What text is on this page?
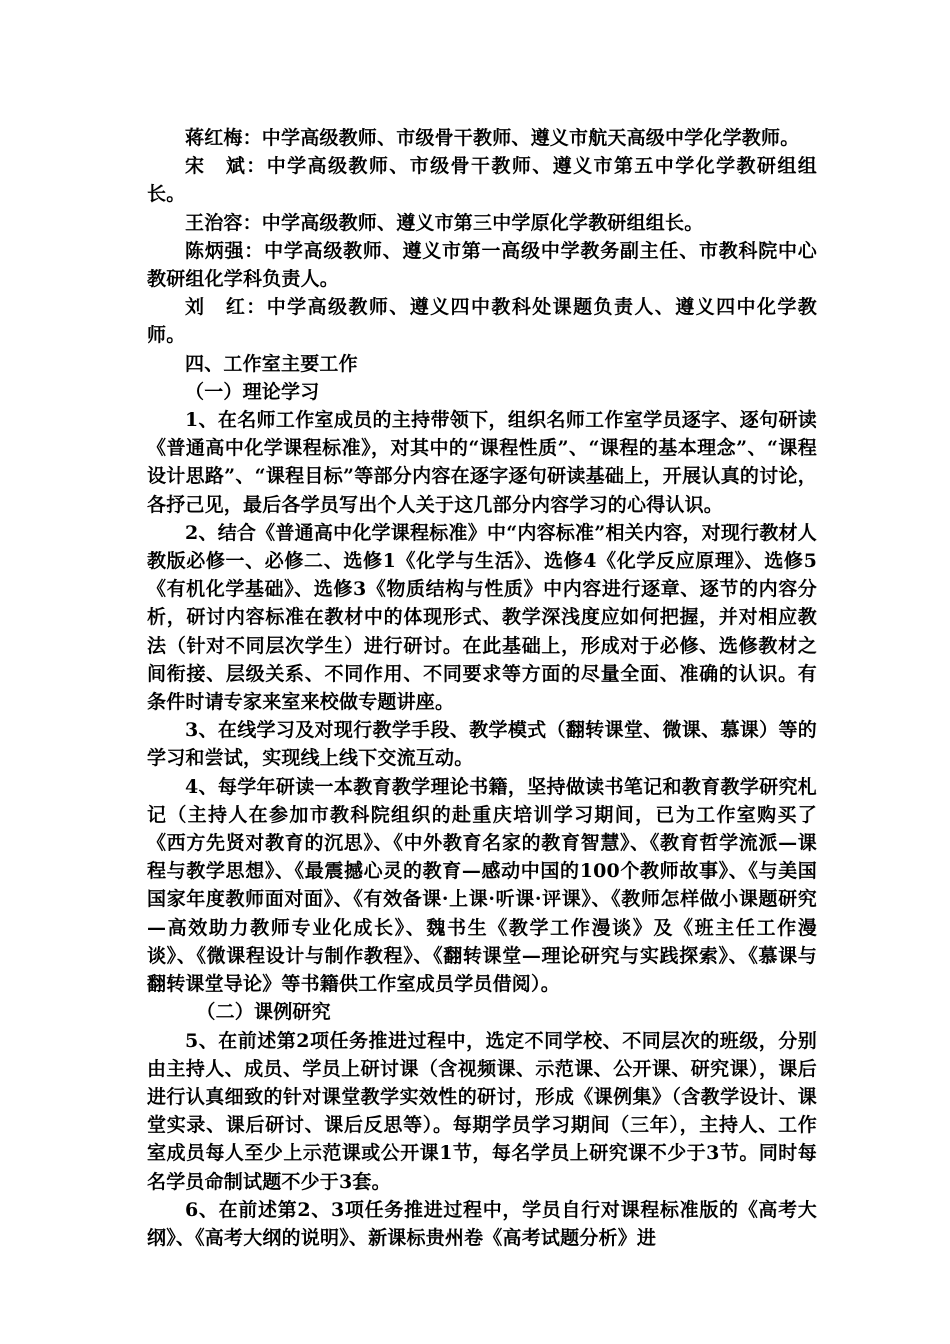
蒋红梅：中学高级教师、市级骨干教师、遵义市航天高级中学化学教师。

宋　斌：中学高级教师、市级骨干教师、遵义市第五中学化学教研组组长。

王治容：中学高级教师、遵义市第三中学原化学教研组组长。

陈炳强：中学高级教师、遵义市第一高级中学教务副主任、市教科院中心教研组化学科负责人。

刘　红：中学高级教师、遵义四中教科处课题负责人、遵义四中化学教师。

四、工作室主要工作

（一）理论学习

1、在名师工作室成员的主持带领下，组织名师工作室学员逐字、逐句研读《普通高中化学课程标准》，对其中的“课程性质”、“课程的基本理念”、“课程设计思路”、“课程目标”等部分内容在逐字逐句研读基础上，开展认真的讨论，各抒己见，最后各学员写出个人关于这几部分内容学习的心得认识。

2、结合《普通高中化学课程标准》中“内容标准”相关内容，对现行教材人教版必修一、必修二、选修1《化学与生活》、选修4《化学反应原理》、选修5《有机化学基础》、选修3《物质结构与性质》中内容进行逐章、逐节的内容分析，研讨内容标准在教材中的体现形式、教学深浅度应如何把握，并对相应教法（针对不同层次学生）进行研讨。在此基础上，形成对于必修、选修教材之间衔接、层级关系、不同作用、不同要求等方面的尽量全面、准确的认识。有条件时请专家来室来校做专题讲座。

3、在线学习及对现行教学手段、教学模式（翻转课堂、微课、慕课）等的学习和尝试，实现线上线下交流互动。

4、每学年研读一本教育教学理论书籍，坚持做读书笔记和教育教学研究札记（主持人在参加市教科院组织的赴重庆培训学习期间，已为工作室购买了《西方先贤对教育的沉思》、《中外教育名家的教育智慧》、《教育哲学流派—课程与教学思想》、《最震撼心灵的教育—感动中国的100个教师故事》、《与美国国家年度教师面对面》、《有效备课·上课·听课·评课》、《教师怎样做小课题研究—高效助力教师专业化成长》、魏书生《教学工作漫谈》及《班主任工作漫谈》、《微课程设计与制作教程》、《翻转课堂—理论研究与实践探索》、《慕课与翻转课堂导论》等书籍供工作室成员学员借阅）。

（二）课例研究

5、在前述第2项任务推进过程中，选定不同学校、不同层次的班级，分别由主持人、成员、学员上研讨课（含视频课、示范课、公开课、研究课），课后进行认真细致的针对课堂教学实效性的研讨，形成《课例集》（含教学设计、课堂实录、课后研讨、课后反思等）。每期学员学习期间（三年），主持人、工作室成员每人至少上示范课或公开课1节，每名学员上研究课不少于3节。同时每名学员命制试题不少于3套。

6、在前述第2、3项任务推进过程中，学员自行对课程标准版的《高考大纲》、《高考大纲的说明》、新课标贵州卷《高考试题分析》进
